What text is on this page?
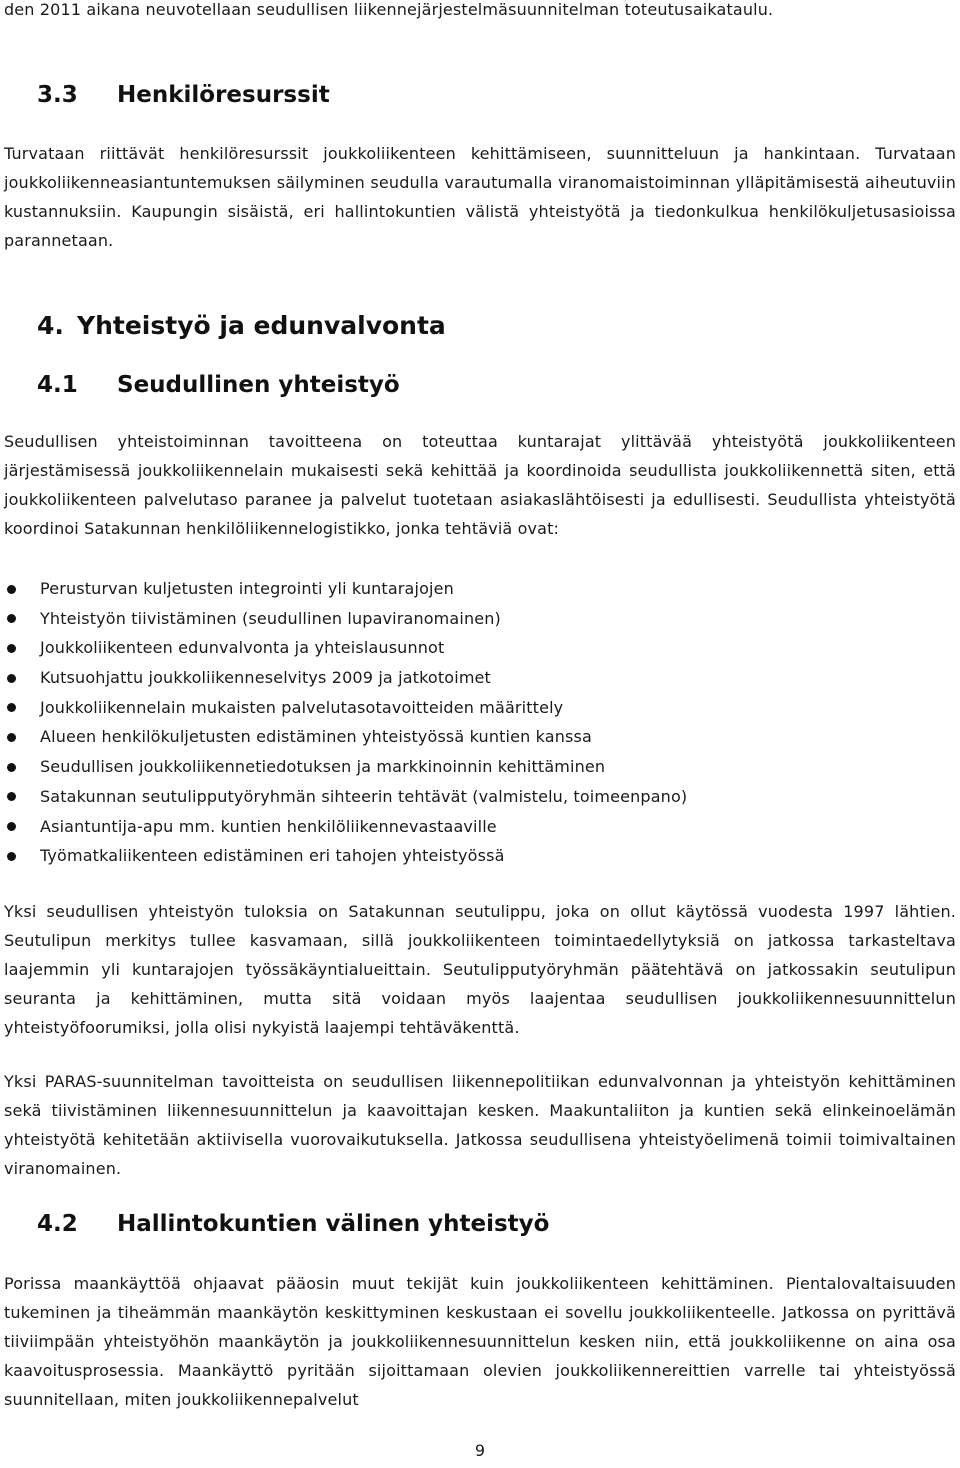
den 2011 aikana neuvotellaan seudullisen liikennejärjestelmäsuunnitelman toteutusaikataulu.

3.3 Henkilöresurssit

Turvataan riittävät henkilöresurssit joukkoliikenteen kehittämiseen, suunnitteluun ja hankintaan. Turvataan joukkoliikenneasiantuntemuksen säilyminen seudulla varautumalla viranomaistoiminnan ylläpitämisestä aiheutuviin kustannuksiin. Kaupungin sisäistä, eri hallintokuntien välistä yhteistyötä ja tiedonkulkua henkilökuljetusasioissa parannetaan.

4. Yhteistyö ja edunvalvonta
4.1 Seudullinen yhteistyö

Seudullisen yhteistoiminnan tavoitteena on toteuttaa kuntarajat ylittävää yhteistyötä joukkoliikenteen järjestämisessä joukkoliikennelain mukaisesti sekä kehittää ja koordinoida seudullista joukkoliikennettä siten, että joukkoliikenteen palvelutaso paranee ja palvelut tuotetaan asiakaslähtöisesti ja edullisesti. Seudullista yhteistyötä koordinoi Satakunnan henkilöliikennelogistikko, jonka tehtäviä ovat:

Perusturvan kuljetusten integrointi yli kuntarajojen
Yhteistyön tiivistäminen (seudullinen lupaviranomainen)
Joukkoliikenteen edunvalvonta ja yhteislausunnot
Kutsuohjattu joukkoliikenneselvitys 2009 ja jatkotoimet
Joukkoliikennelain mukaisten palvelutasotavoitteiden määrittely
Alueen henkilökuljetusten edistäminen yhteistyössä kuntien kanssa
Seudullisen joukkoliikennetiedotuksen ja markkinoinnin kehittäminen
Satakunnan seutulipputyöryhmän sihteerin tehtävät (valmistelu, toimeenpano)
Asiantuntija-apu mm. kuntien henkilöliikennevastaaville
Työmatkaliikenteen edistäminen eri tahojen yhteistyössä

Yksi seudullisen yhteistyön tuloksia on Satakunnan seutulippu, joka on ollut käytössä vuodesta 1997 lähtien. Seutulipun merkitys tullee kasvamaan, sillä joukkoliikenteen toimintaedellytyksiä on jatkossa tarkasteltava laajemmin yli kuntarajojen työssäkäyntialueittain. Seutulipputyöryhmän päätehtävä on jatkossakin seutulipun seuranta ja kehittäminen, mutta sitä voidaan myös laajentaa seudullisen joukkoliikennesuunnittelun yhteistyöfoorumiksi, jolla olisi nykyistä laajempi tehtäväkenttä.

Yksi PARAS-suunnitelman tavoitteista on seudullisen liikennepolitiikan edunvalvonnan ja yhteistyön kehittäminen sekä tiivistäminen liikennesuunnittelun ja kaavoittajan kesken. Maakuntaliiton ja kuntien sekä elinkeinoelämän yhteistyötä kehitetään aktiivisella vuorovaikutuksella. Jatkossa seudullisena yhteistyöelimenä toimii toimivaltainen viranomainen.

4.2 Hallintokuntien välinen yhteistyö

Porissa maankäyttöä ohjaavat pääosin muut tekijät kuin joukkoliikenteen kehittäminen. Pientalovaltaisuuden tukeminen ja tiheämmän maankäytön keskittyminen keskustaan ei sovellu joukkoliikenteelle. Jatkossa on pyrittävä tiiviimpään yhteistyöhön maankäytön ja joukkoliikennesuunnittelun kesken niin, että joukkoliikenne on aina osa kaavoitusprosessia. Maankäyttö pyritään sijoittamaan olevien joukkoliikennereittien varrelle tai yhteistyössä suunnitellaan, miten joukkoliikennepalvelut

9
